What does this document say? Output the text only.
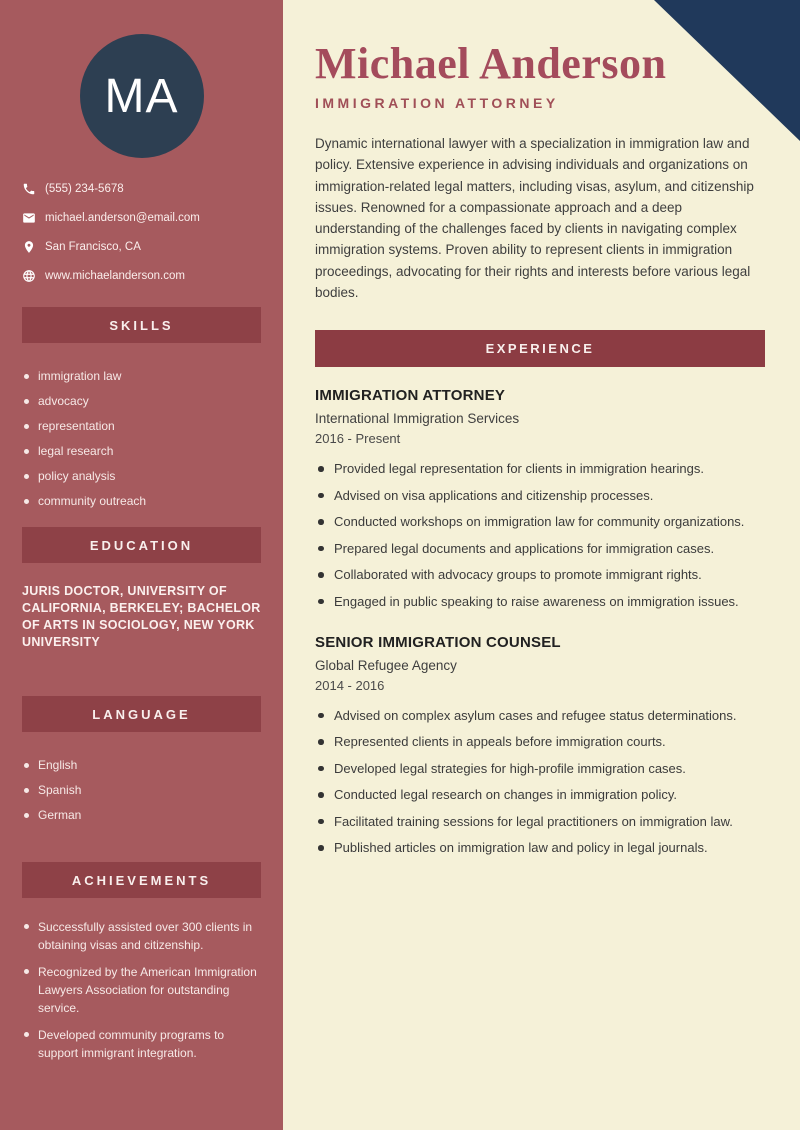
MA
(555) 234-5678
michael.anderson@email.com
San Francisco, CA
www.michaelanderson.com
SKILLS
immigration law
advocacy
representation
legal research
policy analysis
community outreach
EDUCATION

JURIS DOCTOR, UNIVERSITY OF CALIFORNIA, BERKELEY; BACHELOR OF ARTS IN SOCIOLOGY, NEW YORK UNIVERSITY

LANGUAGE
English
Spanish
German
ACHIEVEMENTS
Successfully assisted over 300 clients in obtaining visas and citizenship.
Recognized by the American Immigration Lawyers Association for outstanding service.
Developed community programs to support immigrant integration.
Michael Anderson
IMMIGRATION ATTORNEY

Dynamic international lawyer with a specialization in immigration law and policy. Extensive experience in advising individuals and organizations on immigration-related legal matters, including visas, asylum, and citizenship issues. Renowned for a compassionate approach and a deep understanding of the challenges faced by clients in navigating complex immigration systems. Proven ability to represent clients in immigration proceedings, advocating for their rights and interests before various legal bodies.

EXPERIENCE
IMMIGRATION ATTORNEY
International Immigration Services
2016 - Present
Provided legal representation for clients in immigration hearings.
Advised on visa applications and citizenship processes.
Conducted workshops on immigration law for community organizations.
Prepared legal documents and applications for immigration cases.
Collaborated with advocacy groups to promote immigrant rights.
Engaged in public speaking to raise awareness on immigration issues.
SENIOR IMMIGRATION COUNSEL
Global Refugee Agency
2014 - 2016
Advised on complex asylum cases and refugee status determinations.
Represented clients in appeals before immigration courts.
Developed legal strategies for high-profile immigration cases.
Conducted legal research on changes in immigration policy.
Facilitated training sessions for legal practitioners on immigration law.
Published articles on immigration law and policy in legal journals.
